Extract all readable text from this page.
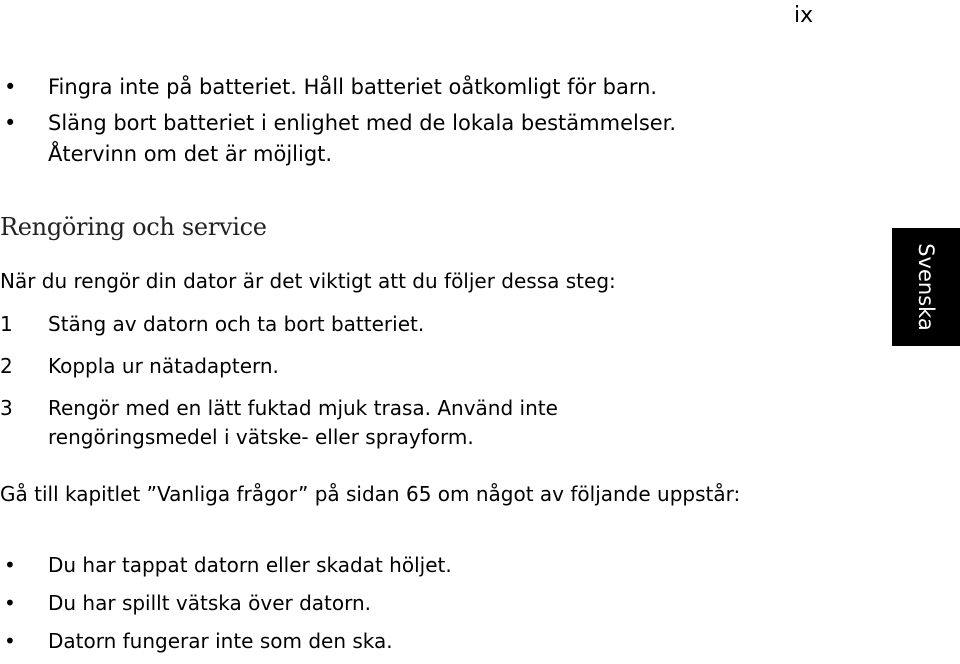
ix
Svenska
• Fingra inte på batteriet. Håll batteriet oåtkomligt för barn.
• Släng bort batteriet i enlighet med de lokala bestämmelser. Återvinn om det är möjligt.
Rengöring och service

När du rengör din dator är det viktigt att du följer dessa steg:

1 Stäng av datorn och ta bort batteriet.
2 Koppla ur nätadaptern.
3 Rengör med en lätt fuktad mjuk trasa. Använd inte rengöringsmedel i vätske- eller sprayform.

Gå till kapitlet ”Vanliga frågor” på sidan 65 om något av följande uppstår:

• Du har tappat datorn eller skadat höljet.
• Du har spillt vätska över datorn.
• Datorn fungerar inte som den ska.
